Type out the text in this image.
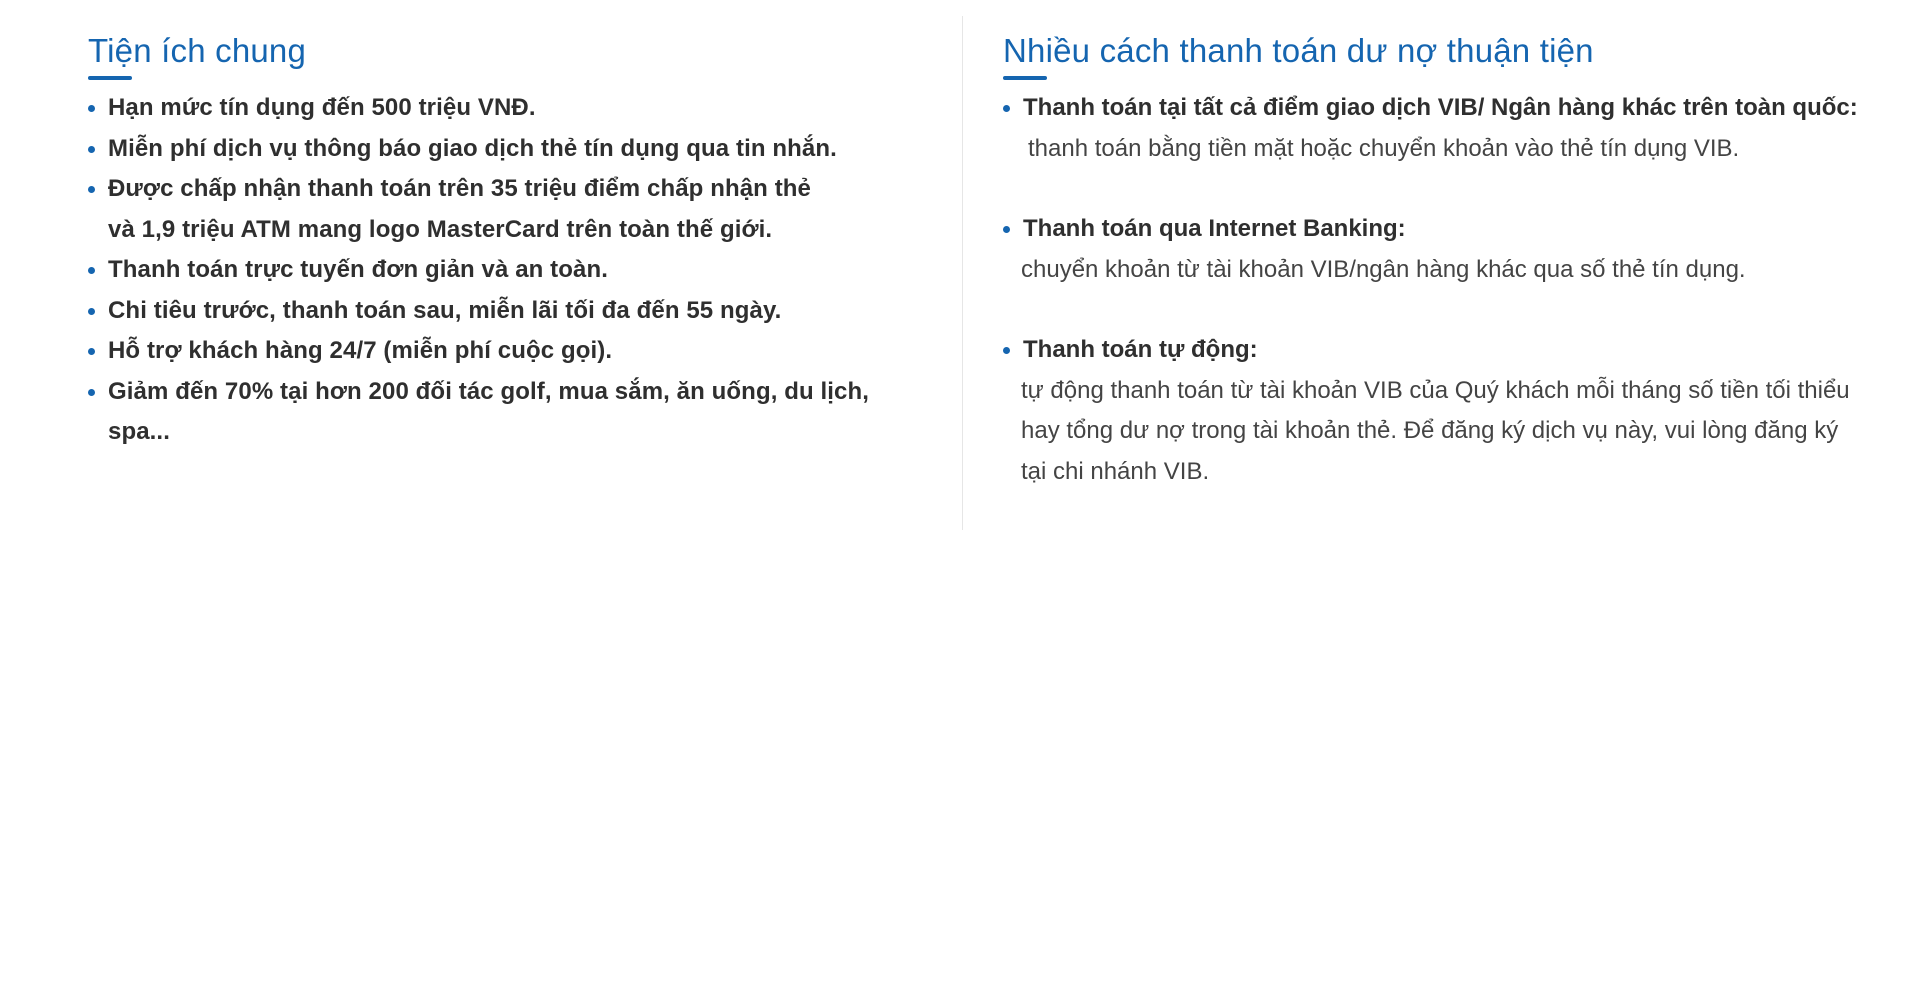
Tiện ích chung
Hạn mức tín dụng đến 500 triệu VNĐ.
Miễn phí dịch vụ thông báo giao dịch thẻ tín dụng qua tin nhắn.
Được chấp nhận thanh toán trên 35 triệu điểm chấp nhận thẻ và 1,9 triệu ATM mang logo MasterCard trên toàn thế giới.
Thanh toán trực tuyến đơn giản và an toàn.
Chi tiêu trước, thanh toán sau, miễn lãi tối đa đến 55 ngày.
Hỗ trợ khách hàng 24/7 (miễn phí cuộc gọi).
Giảm đến 70% tại hơn 200 đối tác golf, mua sắm, ăn uống, du lịch, spa...
Nhiều cách thanh toán dư nợ thuận tiện
Thanh toán tại tất cả điểm giao dịch VIB/ Ngân hàng khác trên toàn quốc:
thanh toán bằng tiền mặt hoặc chuyển khoản vào thẻ tín dụng VIB.
Thanh toán qua Internet Banking:
chuyển khoản từ tài khoản VIB/ngân hàng khác qua số thẻ tín dụng.
Thanh toán tự động:
tự động thanh toán từ tài khoản VIB của Quý khách mỗi tháng số tiền tối thiểu hay tổng dư nợ trong tài khoản thẻ. Để đăng ký dịch vụ này, vui lòng đăng ký tại chi nhánh VIB.
